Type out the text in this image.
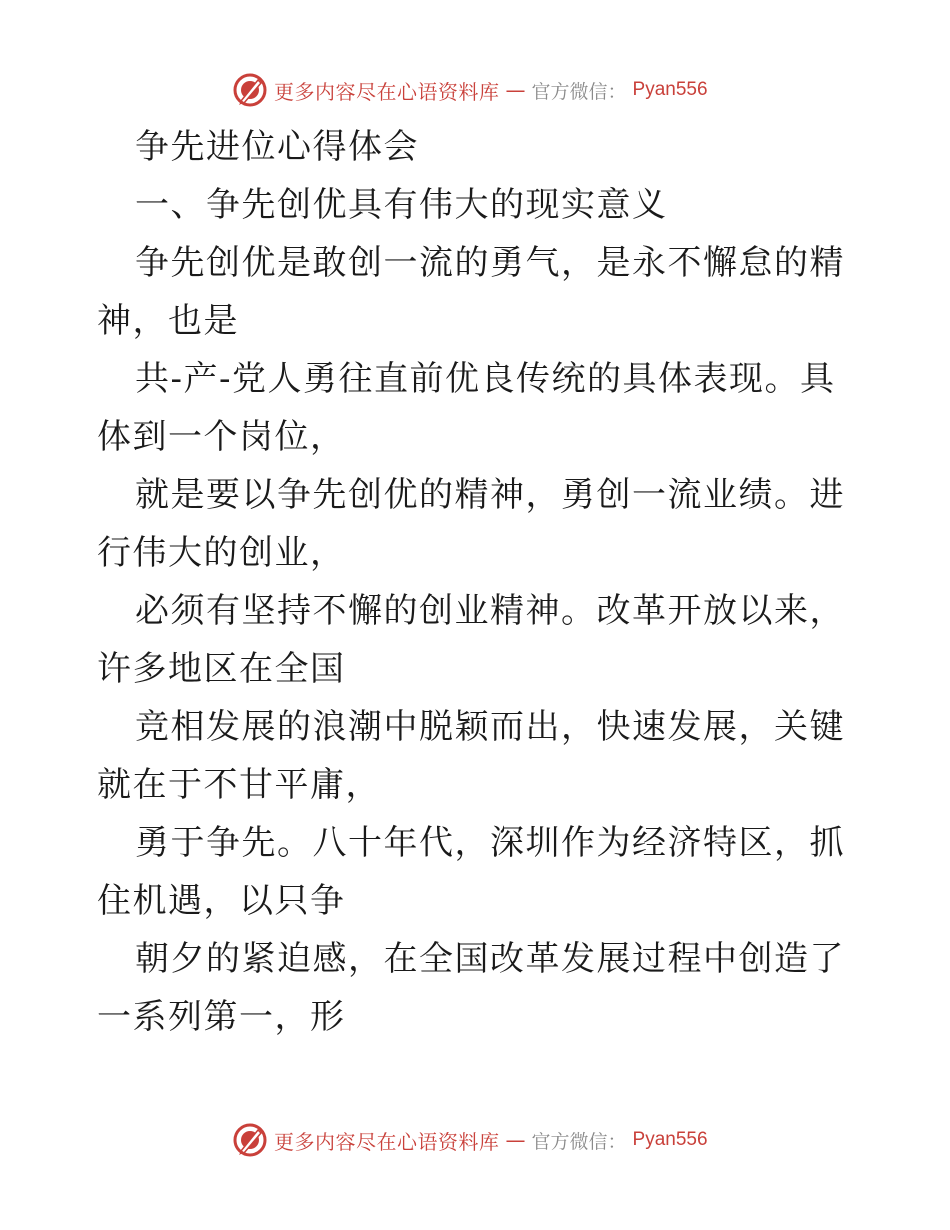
更多内容尽在心语资料库 — 官方微信： Pyan556

争先进位心得体会

一、争先创优具有伟大的现实意义

争先创优是敢创一流的勇气，是永不懈怠的精神，也是

共-产-党人勇往直前优良传统的具体表现。具体到一个岗位，

就是要以争先创优的精神，勇创一流业绩。进行伟大的创业，

必须有坚持不懈的创业精神。改革开放以来，许多地区在全国

竞相发展的浪潮中脱颖而出，快速发展，关键就在于不甘平庸，

勇于争先。八十年代，深圳作为经济特区，抓住机遇，以只争

朝夕的紧迫感，在全国改革发展过程中创造了一系列第一，形

更多内容尽在心语资料库 — 官方微信： Pyan556
